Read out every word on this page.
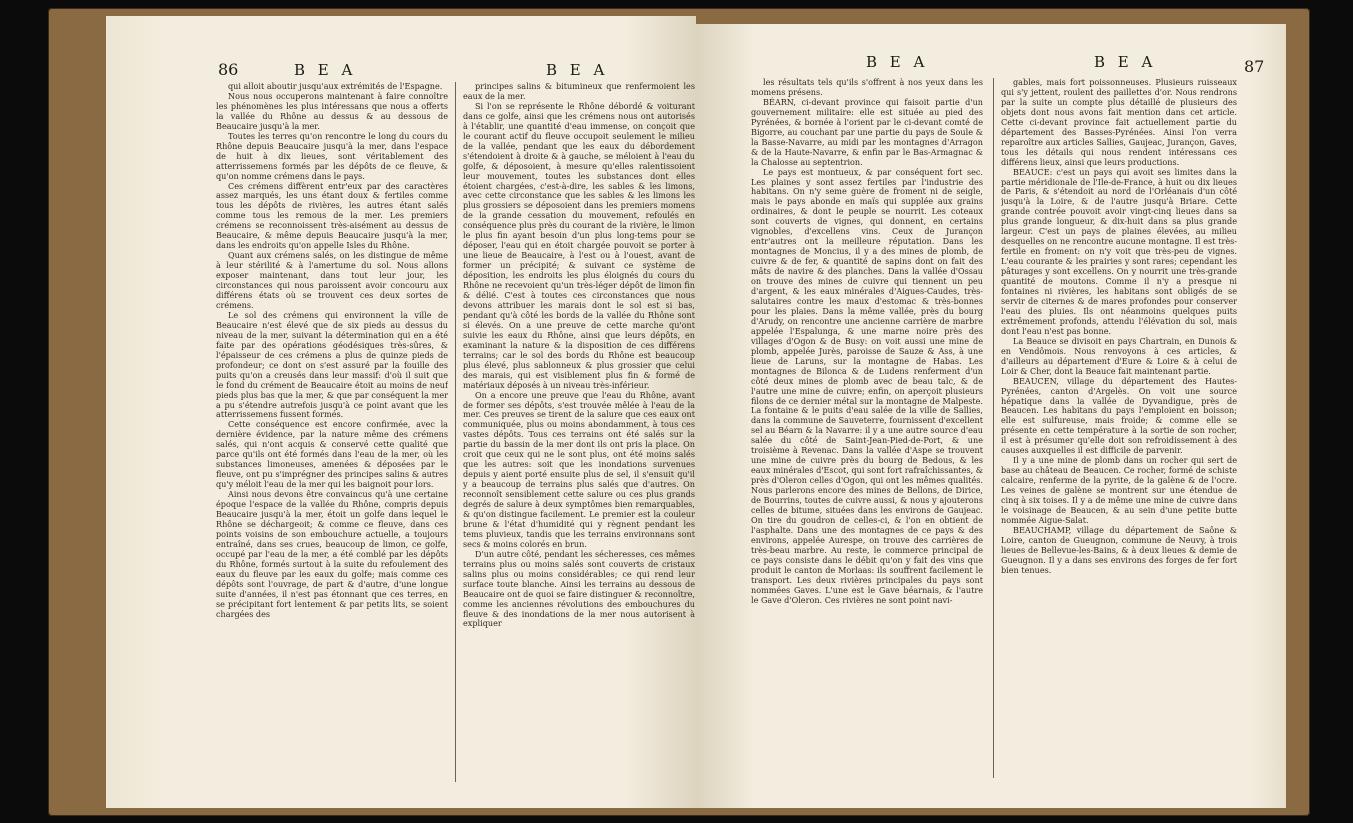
86	B E A	B E A

qui alloit aboutir jusqu'aux extrémités de l'Espagne.

Nous nous occuperons maintenant à faire connoître les phénomènes les plus intéressans que nous a offerts la vallée du Rhône au dessus & au dessous de Beaucaire jusqu'à la mer.

Toutes les terres qu'on rencontre le long du cours du Rhône depuis Beaucaire jusqu'à la mer, dans l'espace de huit à dix lieues, sont véritablement des atterrissemens formés par les dépôts de ce fleuve, & qu'on nomme crémens dans le pays.

Ces crémens diffèrent entr'eux par des caractères assez marqués, les uns étant doux & fertiles comme tous les dépôts de rivières, les autres étant salés comme tous les remous de la mer. Les premiers crémens se reconnoissent très-aisément au dessus de Beaucaire, & même depuis Beaucaire jusqu'à la mer, dans les endroits qu'on appelle Isles du Rhône.

Quant aux crémens salés, on les distingue de même à leur stérilité & à l'amertume du sol. Nous allons exposer maintenant, dans tout leur jour, les circonstances qui nous paroissent avoir concouru aux différens états où se trouvent ces deux sortes de crémens.

Le sol des crémens qui environnent la ville de Beaucaire n'est élevé que de six pieds au dessus du niveau de la mer, suivant la détermination qui en a été faite par des opérations géodésiques très-sûres, & l'épaisseur de ces crémens a plus de quinze pieds de profondeur; ce dont on s'est assuré par la fouille des puits qu'on a creusés dans leur massif: d'où il suit que le fond du crément de Beaucaire étoit au moins de neuf pieds plus bas que la mer, & que par conséquent la mer a pu s'étendre autrefois jusqu'à ce point avant que les atterrissemens fussent formés.

Cette conséquence est encore confirmée, avec la dernière évidence, par la nature même des crémens salés, qui n'ont acquis & conservé cette qualité que parce qu'ils ont été formés dans l'eau de la mer, où les substances limoneuses, amenées & déposées par le fleuve, ont pu s'imprégner des principes salins & autres qu'y méloit l'eau de la mer qui les baignoit pour lors.

Ainsi nous devons être convaincus qu'à une certaine époque l'espace de la vallée du Rhône, compris depuis Beaucaire jusqu'à la mer, étoit un golfe dans lequel le Rhône se déchargeoit; & comme ce fleuve, dans ces points voisins de son embouchure actuelle, a toujours entraîné, dans ses crues, beaucoup de limon, ce golfe, occupé par l'eau de la mer, a été comblé par les dépôts du Rhône, formés surtout à la suite du refoulement des eaux du fleuve par les eaux du golfe; mais comme ces dépôts sont l'ouvrage, de part & d'autre, d'une longue suite d'années, il n'est pas étonnant que ces terres, en se précipitant fort lentement & par petits lits, se soient chargées des

principes salins & bitumineux que renfermoient les eaux de la mer.

Si l'on se représente le Rhône débordé & voiturant dans ce golfe, ainsi que les crémens nous ont autorisés à l'établir, une quantité d'eau immense, on conçoit que le courant actif du fleuve occupoit seulement le milieu de la vallée, pendant que les eaux du débordement s'étendoient à droite & à gauche, se méloient à l'eau du golfe, & déposoient, à mesure qu'elles ralentissoient leur mouvement, toutes les substances dont elles étoient chargées, c'est-à-dire, les sables & les limons, avec cette circonstance que les sables & les limons les plus grossiers se déposoient dans les premiers momens de la grande cessation du mouvement, refoulés en conséquence plus près du courant de la rivière, le limon le plus fin ayant besoin d'un plus long-tems pour se déposer, l'eau qui en étoit chargée pouvoit se porter à une lieue de Beaucaire, à l'est ou à l'ouest, avant de former un précipité; & suivant ce système de déposition, les endroits les plus éloignés du cours du Rhône ne recevoient qu'un très-léger dépôt de limon fin & délié. C'est à toutes ces circonstances que nous devons attribuer les marais dont le sol est si bas, pendant qu'à côté les bords de la vallée du Rhône sont si élevés. On a une preuve de cette marche qu'ont suivie les eaux du Rhône, ainsi que leurs dépôts, en examinant la nature & la disposition de ces différens terrains; car le sol des bords du Rhône est beaucoup plus élevé, plus sablonneux & plus grossier que celui des marais, qui est visiblement plus fin & formé de matériaux déposés à un niveau très-inférieur.

On a encore une preuve que l'eau du Rhône, avant de former ses dépôts, s'est trouvée mêlée à l'eau de la mer. Ces preuves se tirent de la salure que ces eaux ont communiquée, plus ou moins abondamment, à tous ces vastes dépôts. Tous ces terrains ont été salés sur la partie du bassin de la mer dont ils ont pris la place. On croit que ceux qui ne le sont plus, ont été moins salés que les autres: soit que les inondations survenues depuis y aient porté ensuite plus de sel, il s'ensuit qu'il y a beaucoup de terrains plus salés que d'autres. On reconnoît sensiblement cette salure ou ces plus grands degrés de salure à deux symptômes bien remarquables, & qu'on distingue facilement. Le premier est la couleur brune & l'état d'humidité qui y règnent pendant les tems pluvieux, tandis que les terrains environnans sont secs & moins colorés en brun.

D'un autre côté, pendant les sécheresses, ces mêmes terrains plus ou moins salés sont couverts de cristaux salins plus ou moins considérables; ce qui rend leur surface toute blanche. Ainsi les terrains au dessous de Beaucaire ont de quoi se faire distinguer & reconnoître, comme les anciennes révolutions des embouchures du fleuve & des inondations de la mer nous autorisent à expliquer

B E A	B E A	87

les résultats tels qu'ils s'offrent à nos yeux dans les momens présens.

BÉARN, ci-devant province qui faisoit partie d'un gouvernement militaire: elle est située au pied des Pyrénées, & bornée à l'orient par le ci-devant comté de Bigorre, au couchant par une partie du pays de Soule & la Basse-Navarre, au midi par les montagnes d'Arragon & de la Haute-Navarre, & enfin par le Bas-Armagnac & la Chalosse au septentrion.

Le pays est montueux, & par conséquent fort sec. Les plaines y sont assez fertiles par l'industrie des habitans. On n'y seme guère de froment ni de seigle, mais le pays abonde en maïs qui supplée aux grains ordinaires, & dont le peuple se nourrit. Les coteaux sont couverts de vignes, qui donnent, en certains vignobles, d'excellens vins. Ceux de Jurançon entr'autres ont la meilleure réputation. Dans les montagnes de Moncius, il y a des mines de plomb, de cuivre & de fer, & quantité de sapins dont on fait des mâts de navire & des planches. Dans la vallée d'Ossau on trouve des mines de cuivre qui tiennent un peu d'argent, & les eaux minérales d'Aigues-Caudes, très-salutaires contre les maux d'estomac & très-bonnes pour les plaies. Dans la même vallée, près du bourg d'Arudy, on rencontre une ancienne carrière de marbre appelée l'Espalunga, & une marne noire près des villages d'Ogon & de Busy: on voit aussi une mine de plomb, appelée Jurès, paroisse de Sauze & Ass, à une lieue de Laruns, sur la montagne de Habas. Les montagnes de Bilonca & de Ludens renferment d'un côté deux mines de plomb avec de beau talc, & de l'autre une mine de cuivre; enfin, on aperçoit plusieurs filons de ce dernier métal sur la montagne de Malpeste. La fontaine & le puits d'eau salée de la ville de Sallies, dans la commune de Sauveterre, fournissent d'excellent sel au Béarn & la Navarre: il y a une autre source d'eau salée du côté de Saint-Jean-Pied-de-Port, & une troisième à Revenac. Dans la vallée d'Aspe se trouvent une mine de cuivre près du bourg de Bedous, & les eaux minérales d'Escot, qui sont fort rafraîchissantes, & près d'Oleron celles d'Ogon, qui ont les mêmes qualités. Nous parlerons encore des mines de Bellons, de Dirice, de Bourrins, toutes de cuivre aussi, & nous y ajouterons celles de bitume, situées dans les environs de Gaujeac. On tire du goudron de celles-ci, & l'on en obtient de l'asphalte. Dans une des montagnes de ce pays & des environs, appelée Aurespe, on trouve des carrières de très-beau marbre. Au reste, le commerce principal de ce pays consiste dans le débit qu'on y fait des vins que produit le canton de Morlaas: ils souffrent facilement le transport. Les deux rivières principales du pays sont nommées Gaves. L'une est le Gave béarnais, & l'autre le Gave d'Oleron. Ces rivières ne sont point navi-

gables, mais fort poissonneuses. Plusieurs ruisseaux qui s'y jettent, roulent des paillettes d'or. Nous rendrons par la suite un compte plus détaillé de plusieurs des objets dont nous avons fait mention dans cet article. Cette ci-devant province fait actuellement partie du département des Basses-Pyrénées. Ainsi l'on verra reparoître aux articles Sallies, Gaujeac, Jurançon, Gaves, tous les détails qui nous rendent intéressans ces différens lieux, ainsi que leurs productions.

BEAUCE: c'est un pays qui avoit ses limites dans la partie méridionale de l'Ile-de-France, à huit ou dix lieues de Paris, & s'étendoit au nord de l'Orléanais d'un côté jusqu'à la Loire, & de l'autre jusqu'à Briare. Cette grande contrée pouvoit avoir vingt-cinq lieues dans sa plus grande longueur, & dix-huit dans sa plus grande largeur. C'est un pays de plaines élevées, au milieu desquelles on ne rencontre aucune montagne. Il est très-fertile en froment: on n'y voit que très-peu de vignes. L'eau courante & les prairies y sont rares; cependant les pâturages y sont excellens. On y nourrit une très-grande quantité de moutons. Comme il n'y a presque ni fontaines ni rivières, les habitans sont obligés de se servir de citernes & de mares profondes pour conserver l'eau des pluies. Ils ont néanmoins quelques puits extrêmement profonds, attendu l'élévation du sol, mais dont l'eau n'est pas bonne.

La Beauce se divisoit en pays Chartrain, en Dunois & en Vendômois. Nous renvoyons à ces articles, & d'ailleurs au département d'Eure & Loire & à celui de Loir & Cher, dont la Beauce fait maintenant partie.

BEAUCEN, village du département des Hautes-Pyrénées, canton d'Argelès. On voit une source hépatique dans la vallée de Dyvandigue, près de Beaucen. Les habitans du pays l'emploient en boisson; elle est sulfureuse, mais froide; & comme elle se présente en cette température à la sortie de son rocher, il est à présumer qu'elle doit son refroidissement à des causes auxquelles il est difficile de parvenir.

Il y a une mine de plomb dans un rocher qui sert de base au château de Beaucen. Ce rocher, formé de schiste calcaire, renferme de la pyrite, de la galène & de l'ocre. Les veines de galène se montrent sur une étendue de cinq à six toises. Il y a de même une mine de cuivre dans le voisinage de Beaucen, & au sein d'une petite butte nommée Aigue-Salat.

BEAUCHAMP, village du département de Saône & Loire, canton de Gueugnon, commune de Neuvy, à trois lieues de Bellevue-les-Bains, & à deux lieues & demie de Gueugnon. Il y a dans ses environs des forges de fer fort bien tenues.
